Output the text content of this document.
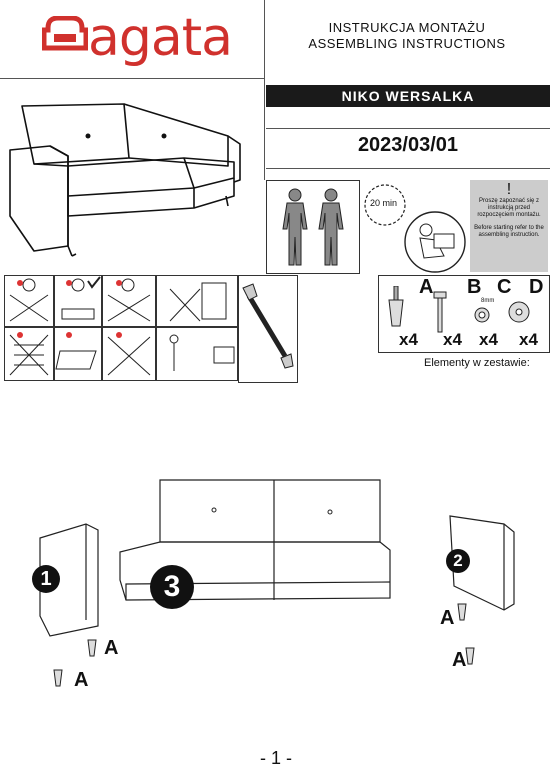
agata	INSTRUKCJA MONTAŻU
ASSEMBLING INSTRUCTIONS
NIKO WERSALKA
2023/03/01
20 min
!
Proszę zapoznać się z instrukcją przed rozpoczęciem montażu.
Before starting refer to the assembling instruction.
A B C D
8mm
x4 x4 x4 x4
Elementy w zestawie:
1
2
3
A
A
A
A
- 1 -
